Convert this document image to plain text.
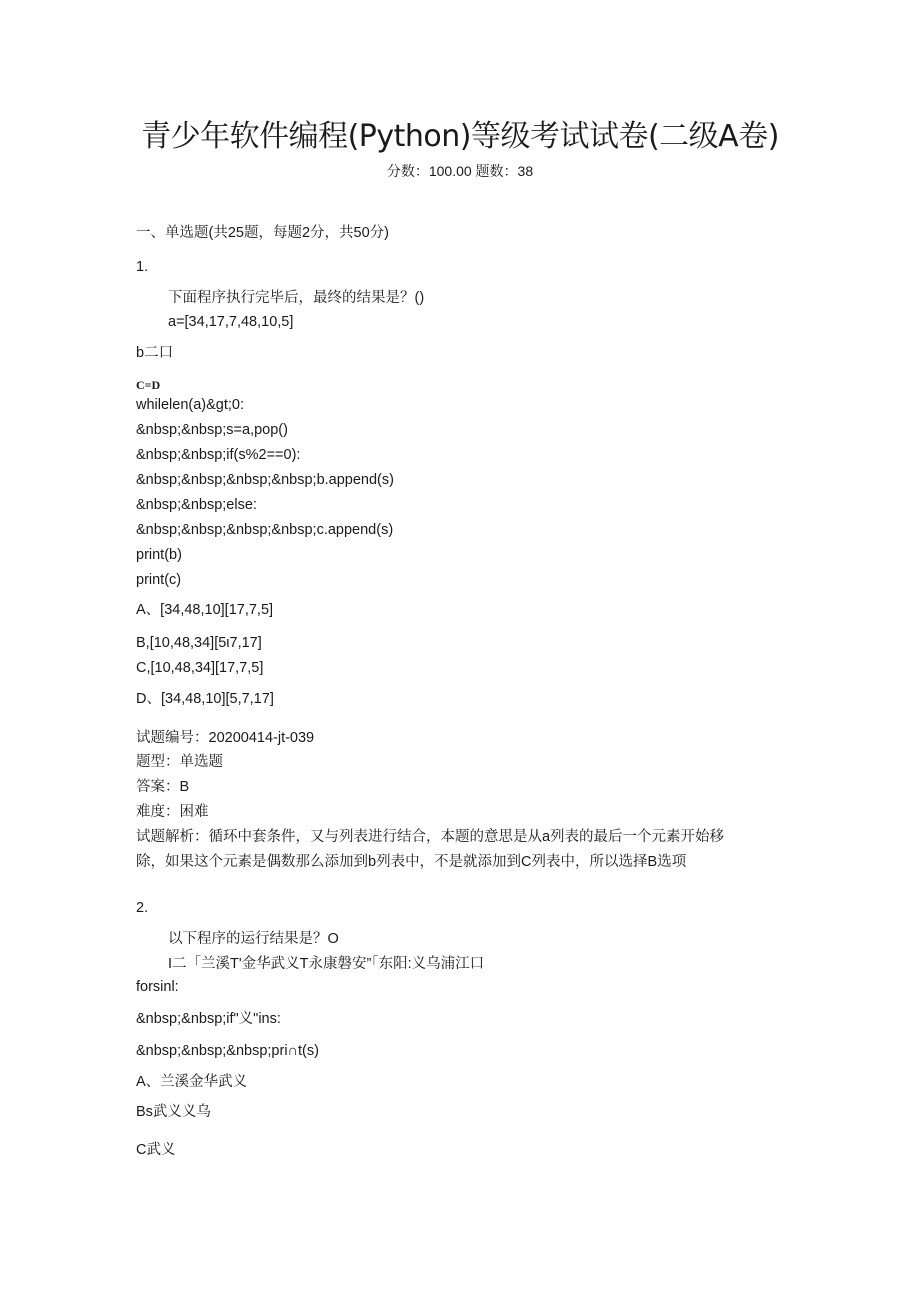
青少年软件编程(Python)等级考试试卷(二级A卷)
分数：100.00 题数：38
一、单选题(共25题，每题2分，共50分)
1.
下面程序执行完毕后，最终的结果是？()
a=[34,17,7,48,10,5]
b二口
C=D
whilelen(a)&gt;0:
&nbsp;&nbsp;s=a,pop()
&nbsp;&nbsp;if(s%2==0):
&nbsp;&nbsp;&nbsp;&nbsp;b.append(s)
&nbsp;&nbsp;else:
&nbsp;&nbsp;&nbsp;&nbsp;c.append(s)
print(b)
print(c)
A、[34,48,10][17,7,5]
B,[10,48,34][5ι7,17]
C,[10,48,34][17,7,5]
D、[34,48,10][5,7,17]
试题编号：20200414-jt-039
题型：单选题
答案：B
难度：困难
试题解析：循环中套条件，又与列表进行结合，本题的意思是从a列表的最后一个元素开始移
除，如果这个元素是偶数那么添加到b列表中，不是就添加到C列表中，所以选择B选项
2.
以下程序的运行结果是？O
I二「兰溪T'金华武义T永康磐安”「东阳:义乌浦江口
forsinl:
&nbsp;&nbsp;if"义"ins:
&nbsp;&nbsp;&nbsp;pri∩t(s)
A、兰溪金华武义
Bs武义义乌
C武义
